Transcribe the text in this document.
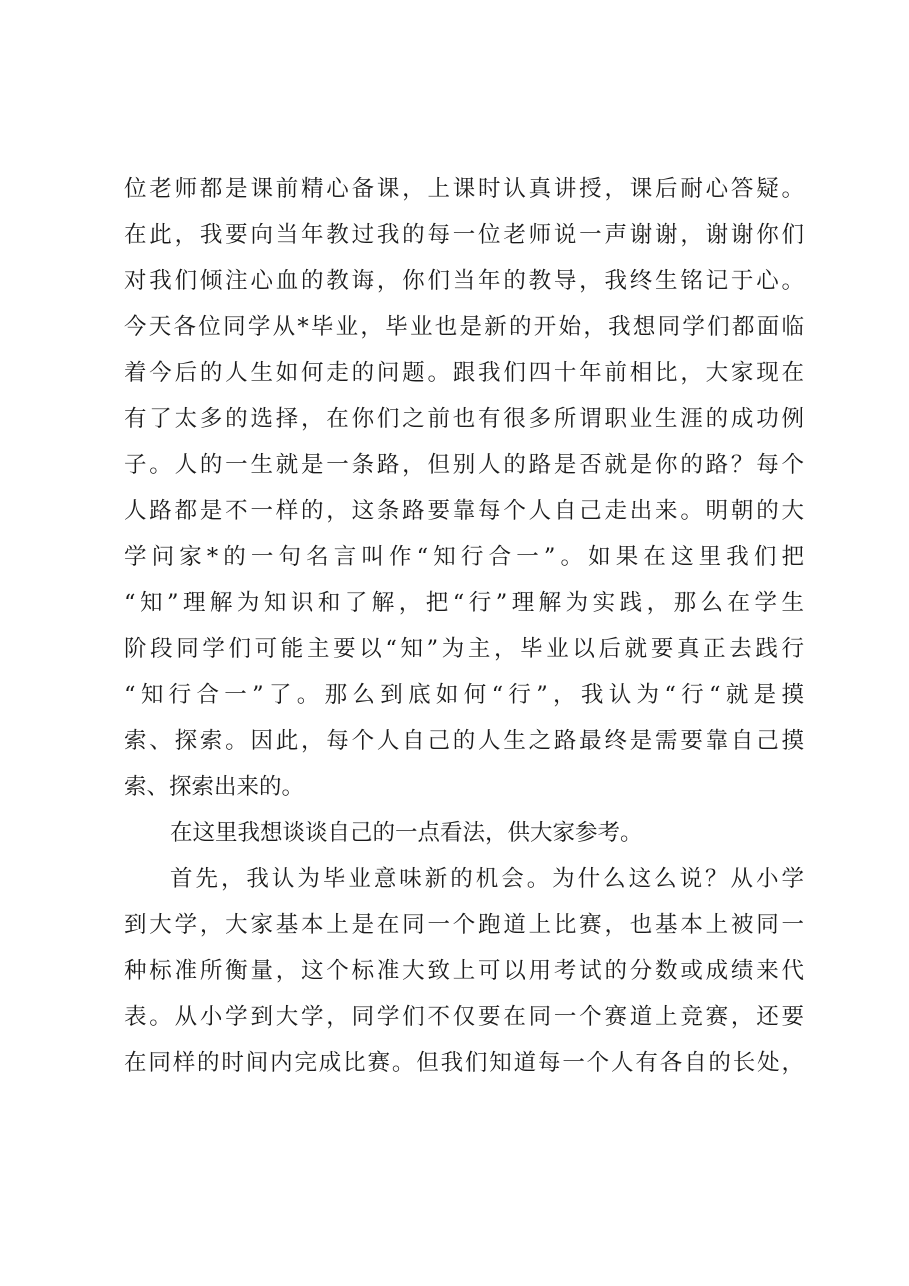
位老师都是课前精心备课，上课时认真讲授，课后耐心答疑。
在此，我要向当年教过我的每一位老师说一声谢谢，谢谢你们
对我们倾注心血的教诲，你们当年的教导，我终生铭记于心。
今天各位同学从*毕业，毕业也是新的开始，我想同学们都面临
着今后的人生如何走的问题。跟我们四十年前相比，大家现在
有了太多的选择，在你们之前也有很多所谓职业生涯的成功例
子。人的一生就是一条路，但别人的路是否就是你的路？每个
人路都是不一样的，这条路要靠每个人自己走出来。明朝的大
学问家*的一句名言叫作“知行合一”。如果在这里我们把
“知”理解为知识和了解，把“行”理解为实践，那么在学生
阶段同学们可能主要以“知”为主，毕业以后就要真正去践行
“知行合一”了。那么到底如何“行”，我认为“行“就是摸
索、探索。因此，每个人自己的人生之路最终是需要靠自己摸
索、探索出来的。
在这里我想谈谈自己的一点看法，供大家参考。
首先，我认为毕业意味新的机会。为什么这么说？从小学
到大学，大家基本上是在同一个跑道上比赛，也基本上被同一
种标准所衡量，这个标准大致上可以用考试的分数或成绩来代
表。从小学到大学，同学们不仅要在同一个赛道上竞赛，还要
在同样的时间内完成比赛。但我们知道每一个人有各自的长处，
